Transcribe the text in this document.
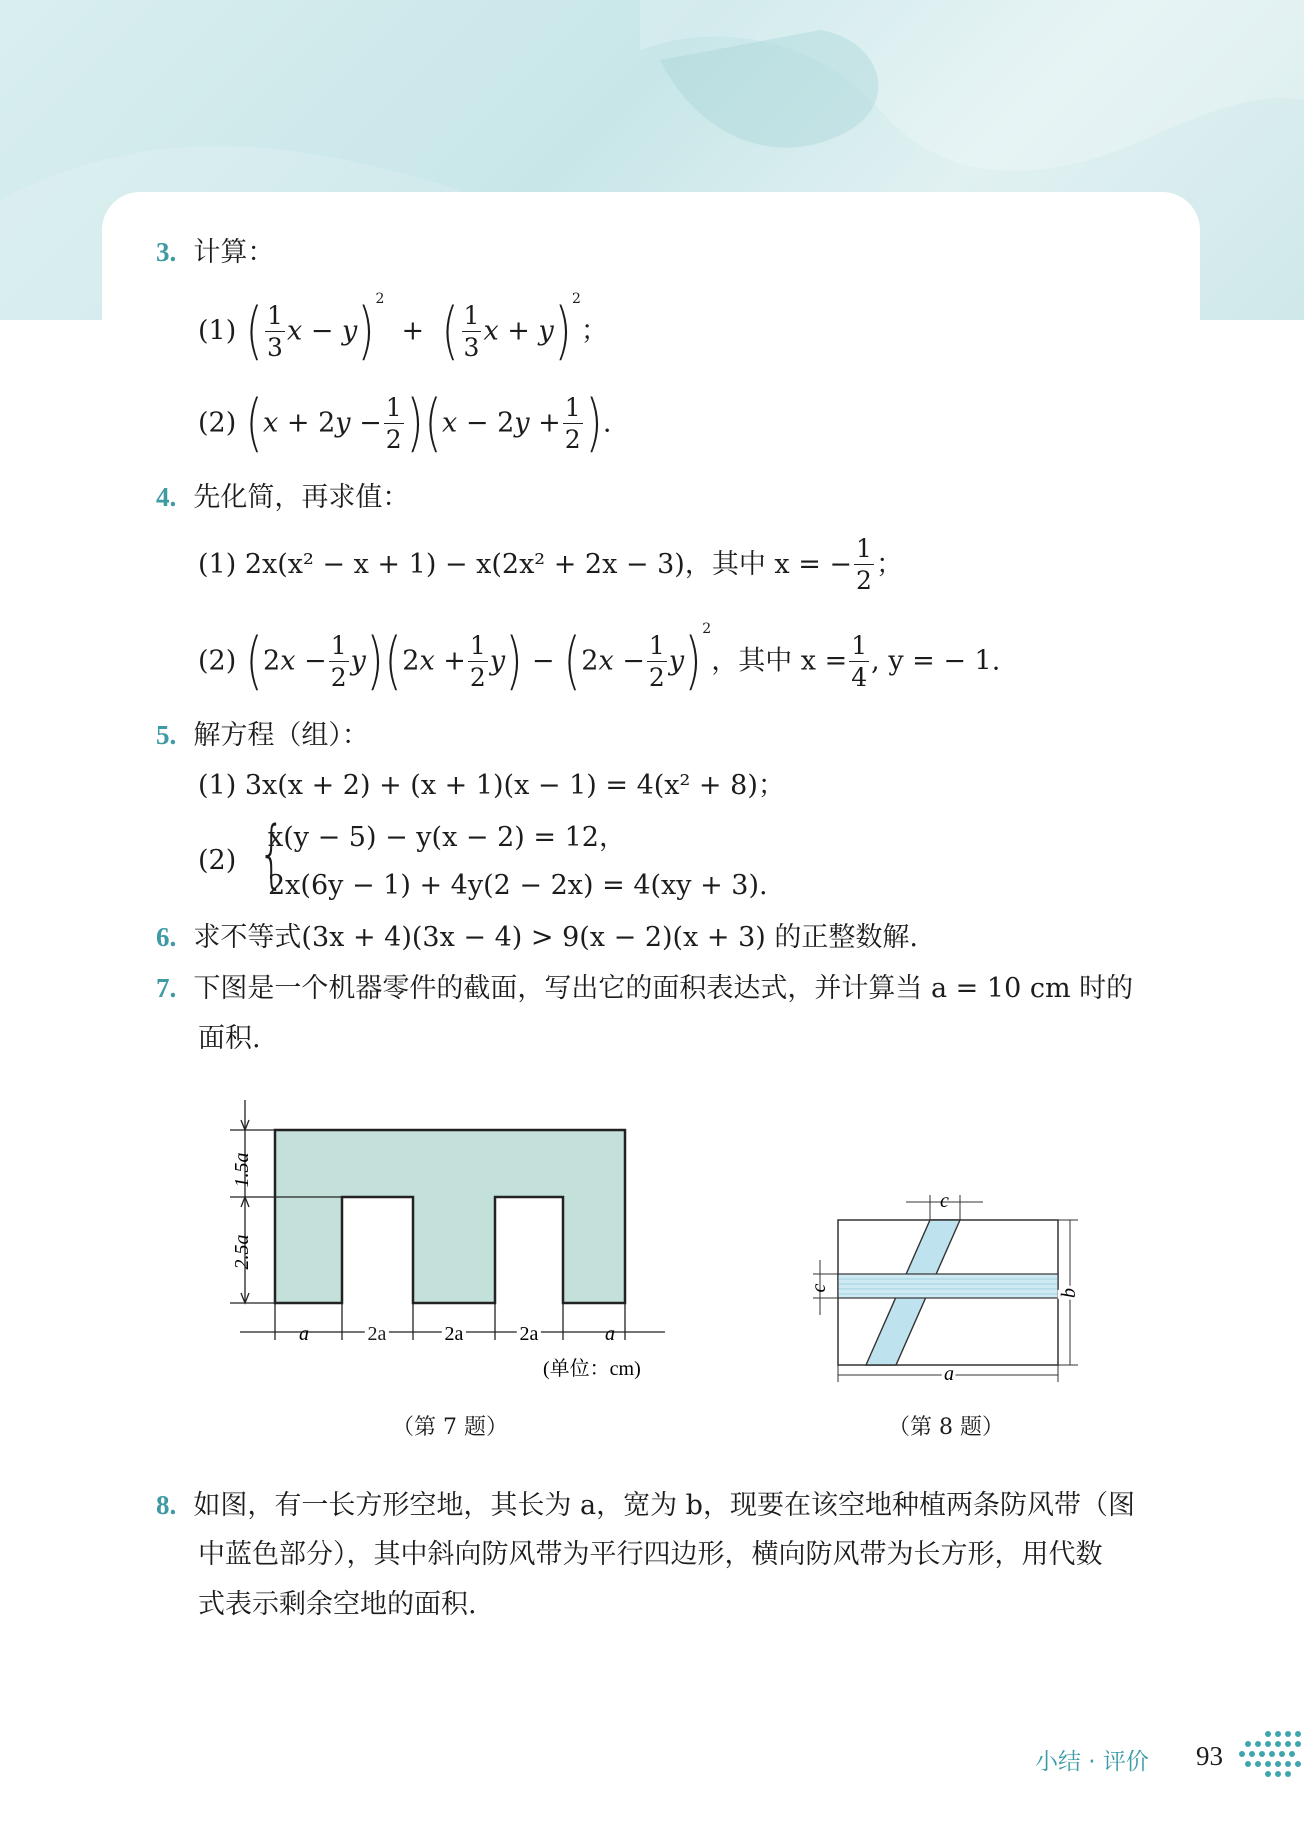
3. 计算：
(1) ( $\frac{1}{3}$ x − y)$^2$  +  ( $\frac{1}{3}$ x + y)$^2$；
(2) $(x + 2y - \frac{1}{2} )(x - 2y + \frac{1}{2}$ ).
4. 先化简，再求值：
(1) 2x(x² − x + 1) − x(2x² + 2x − 3)，其中 x = − $\frac{1}{2}$ ；
(2) $(2x - \frac{1}{2} y)(2x + \frac{1}{2} y) - (2x - \frac{1}{2} y)^2$，其中 $x = \frac{1}{4}$ , y = − 1.
5. 解方程（组）：
(1) 3x(x + 2) + (x + 1)(x − 1) = 4(x² + 8)；
(2) {
x(y − 5) − y(x − 2) = 12，
2x(6y − 1) + 4y(2 − 2x) = 4(xy + 3).
6. 求不等式(3x + 4)(3x − 4) > 9(x − 2)(x + 3) 的正整数解.
7. 下图是一个机器零件的截面，写出它的面积表达式，并计算当 a = 10 cm 时的
面积.
1.5a
2.5a
a	2a	2a	2a	a
(单位：cm)
（第 7 题）
c
c	b
a
（第 8 题）
8. 如图，有一长方形空地，其长为 a，宽为 b，现要在该空地种植两条防风带（图
中蓝色部分），其中斜向防风带为平行四边形，横向防风带为长方形，用代数
式表示剩余空地的面积.
小结 · 评价 93
